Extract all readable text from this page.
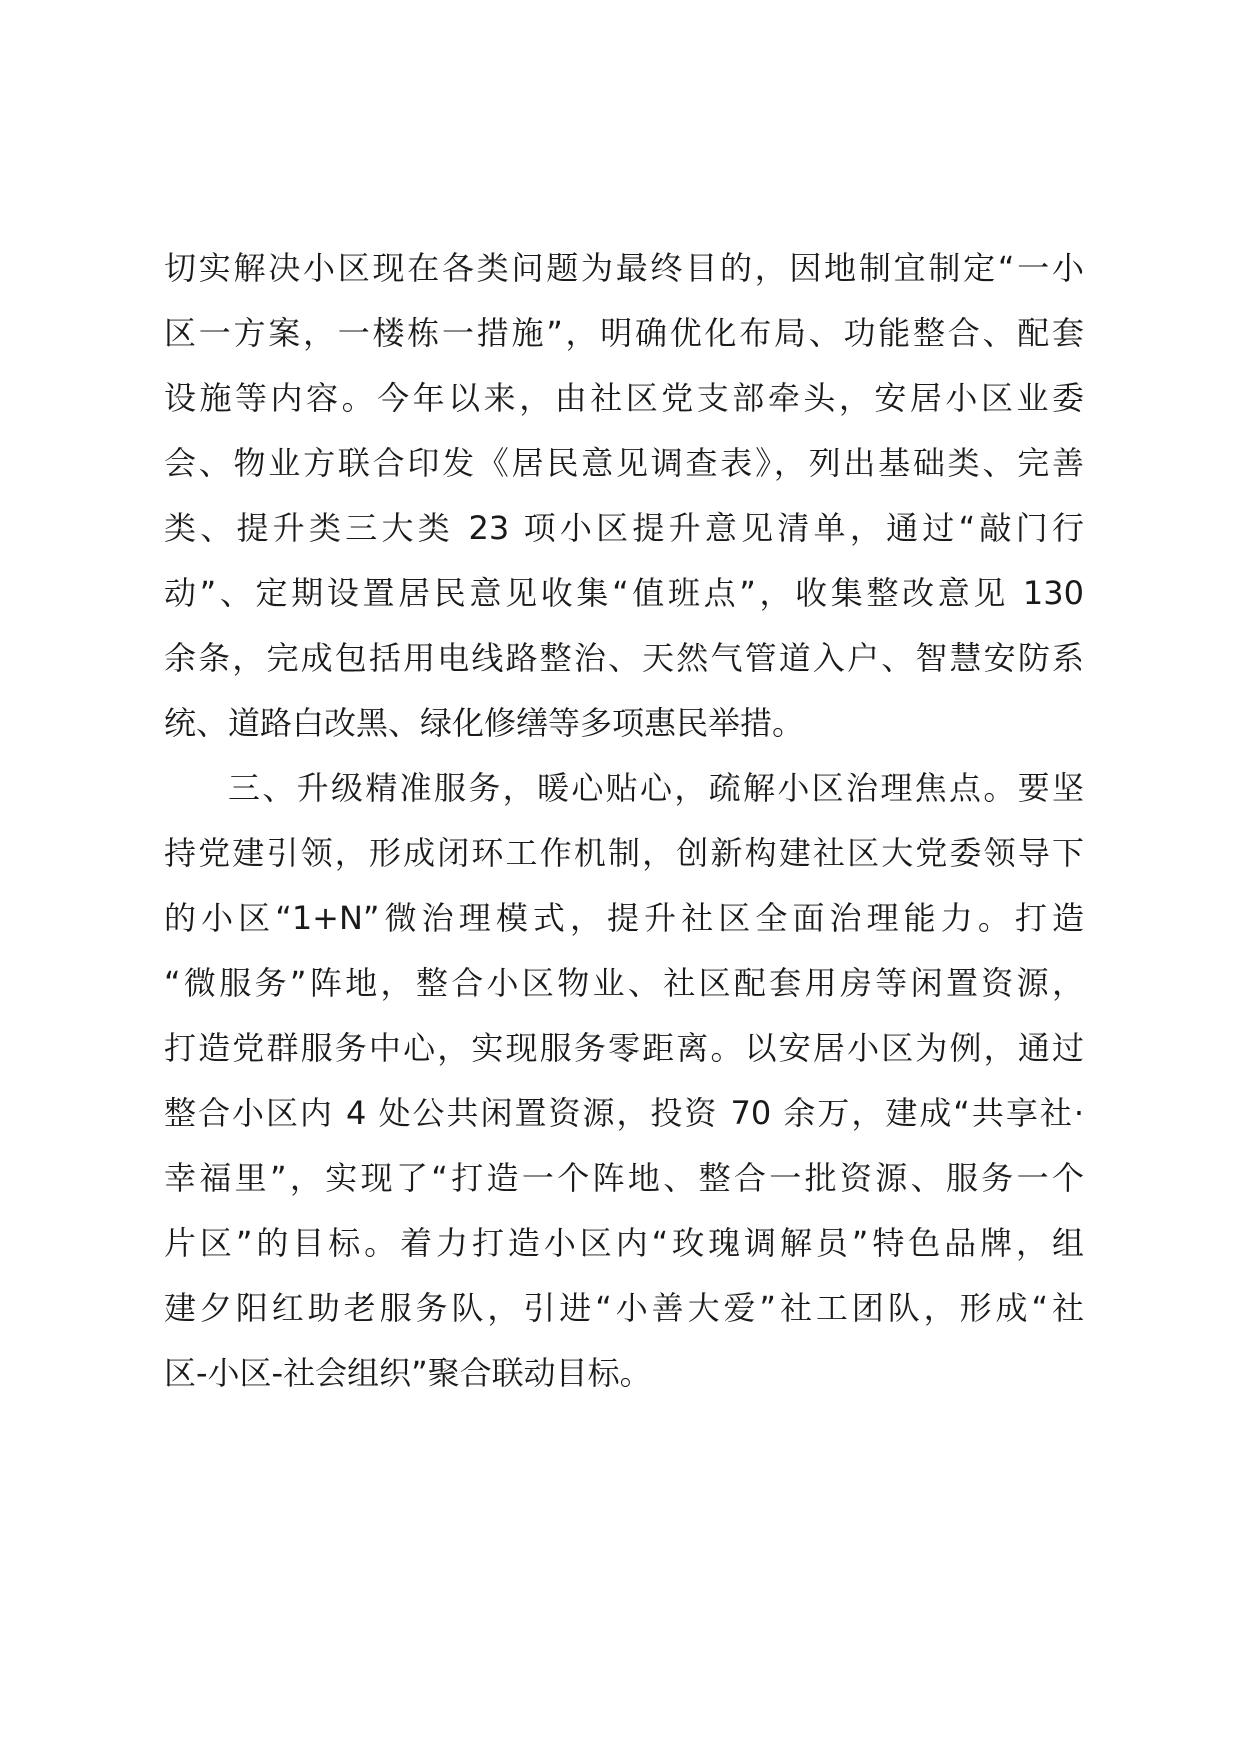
切实解决小区现在各类问题为最终目的，因地制宜制定“一小
区一方案，一楼栋一措施”，明确优化布局、功能整合、配套
设施等内容。今年以来，由社区党支部牵头，安居小区业委
会、物业方联合印发《居民意见调查表》，列出基础类、完善
类、提升类三大类 23 项小区提升意见清单，通过“敲门行
动”、定期设置居民意见收集“值班点”，收集整改意见 130
余条，完成包括用电线路整治、天然气管道入户、智慧安防系
统、道路白改黑、绿化修缮等多项惠民举措。
三、升级精准服务，暖心贴心，疏解小区治理焦点。要坚
持党建引领，形成闭环工作机制，创新构建社区大党委领导下
的小区“1+N”微治理模式，提升社区全面治理能力。打造
“微服务”阵地，整合小区物业、社区配套用房等闲置资源，
打造党群服务中心，实现服务零距离。以安居小区为例，通过
整合小区内 4 处公共闲置资源，投资 70 余万，建成“共享社·
幸福里”，实现了“打造一个阵地、整合一批资源、服务一个
片区”的目标。着力打造小区内“玫瑰调解员”特色品牌，组
建夕阳红助老服务队，引进“小善大爱”社工团队，形成“社
区-小区-社会组织”聚合联动目标。
